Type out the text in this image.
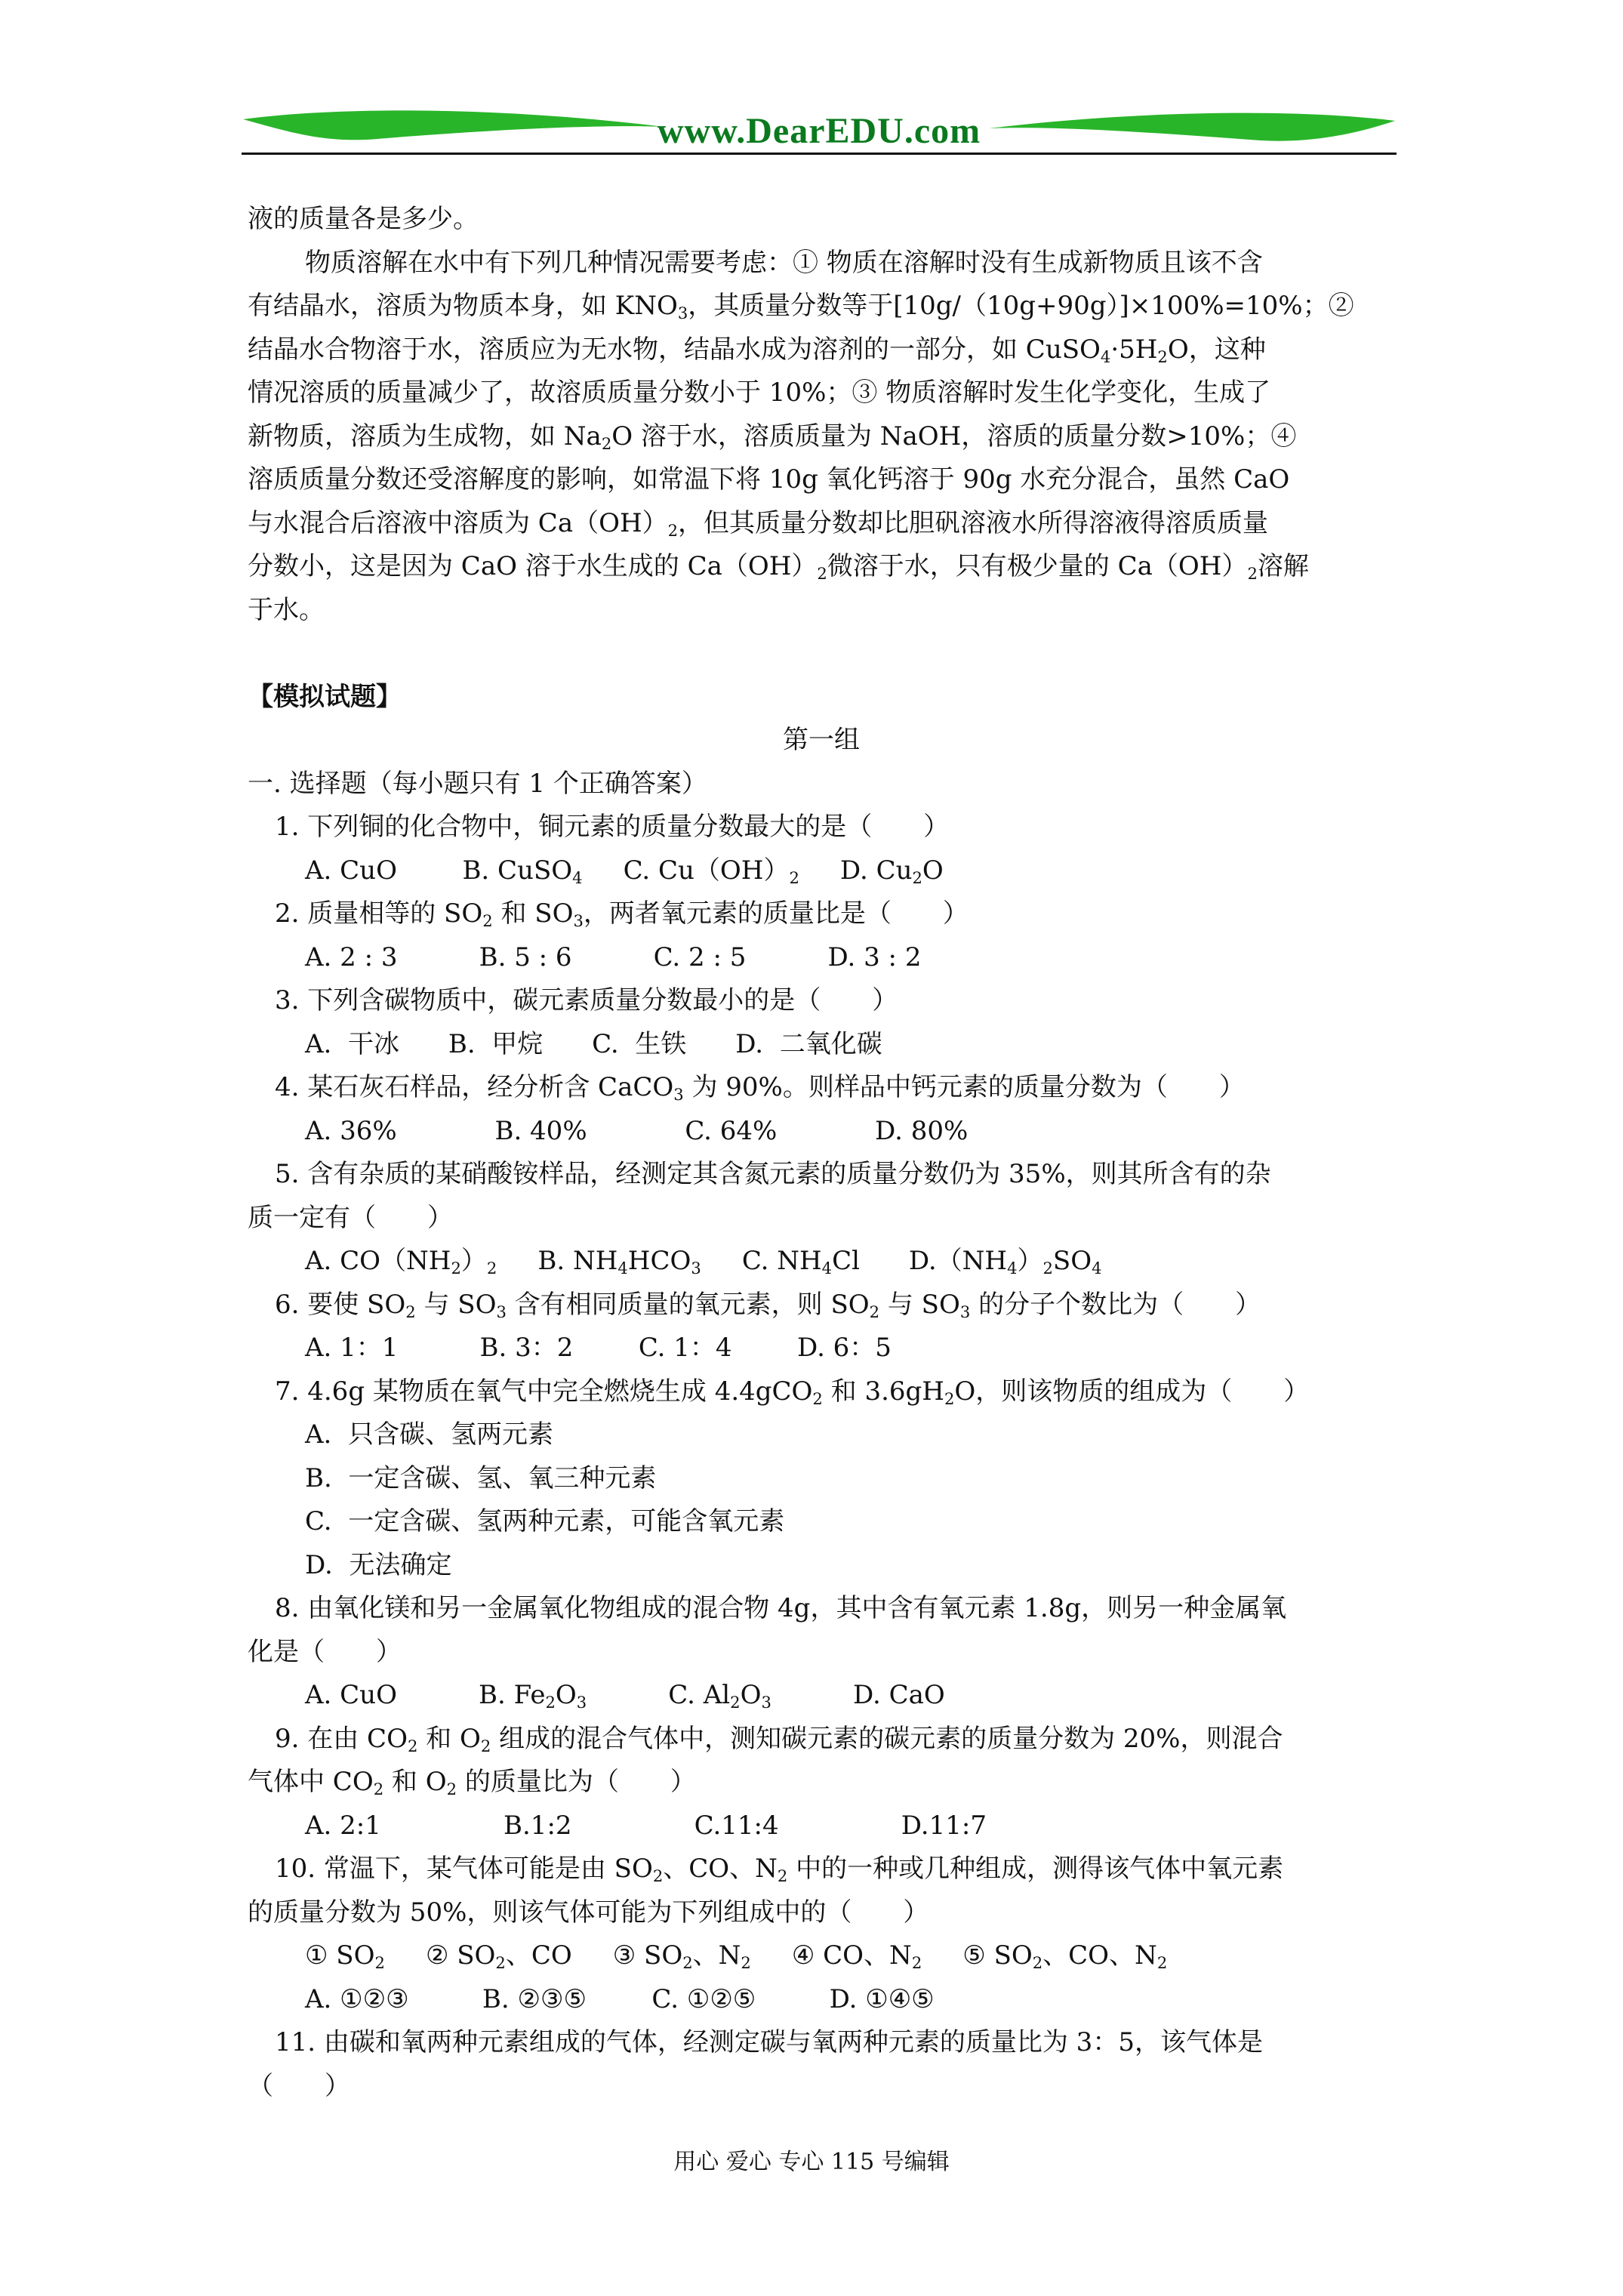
www.DearEDU.com

液的质量各是多少。

物质溶解在水中有下列几种情况需要考虑：① 物质在溶解时没有生成新物质且该不含

有结晶水，溶质为物质本身，如 $KNO_3$，其质量分数等于[10g/（10g+90g）]×100%=10%；②

结晶水合物溶于水，溶质应为无水物，结晶水成为溶剂的一部分，如 $CuSO_4\cdot 5H_2O$，这种

情况溶质的质量减少了，故溶质质量分数小于 10%；③ 物质溶解时发生化学变化，生成了

新物质，溶质为生成物，如 $Na_2O$ 溶于水，溶质质量为 NaOH，溶质的质量分数>10%；④

溶质质量分数还受溶解度的影响，如常温下将 10g 氧化钙溶于 90g 水充分混合，虽然 CaO

与水混合后溶液中溶质为 $Ca(OH)_2$，但其质量分数却比胆矾溶液水所得溶液得溶质质量

分数小，这是因为 CaO 溶于水生成的 $Ca(OH)_2$微溶于水，只有极少量的 $Ca(OH)_2$溶解

于水。

【模拟试题】

第一组

一. 选择题（每小题只有 1 个正确答案）

1. 下列铜的化合物中，铜元素的质量分数最大的是（　　）

A. CuO	B. CuSO$_4$ C. $Cu(OH)_2$ D. $Cu_2O$

2. 质量相等的 $SO_2$ 和 $SO_3$，两者氧元素的质量比是（　　）

A. 2 : 3	B. 5 : 6	C. 2 : 5	D. 3 : 2

3. 下列含碳物质中，碳元素质量分数最小的是（　　）

A.  干冰 B.  甲烷 C.  生铁 D.  二氧化碳

4. 某石灰石样品，经分析含 CaCO$_3$ 为 90%。则样品中钙元素的质量分数为（　　）

A. 36%	B. 40%	C. 64%	D. 80%

5. 含有杂质的某硝酸铵样品，经测定其含氮元素的质量分数仍为 35%，则其所含有的杂

质一定有（　　）

A. $CO(NH_2)_2$ B. $NH_4HCO_3$ C. $NH_4Cl$ $D.(NH_4)_2SO_4$

6. 要使 $SO_2$ 与 $SO_3$ 含有相同质量的氧元素，则 $SO_2$ 与 $SO_3$ 的分子个数比为（　　）

A. 1：1	B. 3：2	C. 1：4	D. 6：5

7. 4.6g 某物质在氧气中完全燃烧生成 4.4gCO$_2$ 和 $3.6gH_2O$，则该物质的组成为（　　）

A.  只含碳、氢两元素

B.  一定含碳、氢、氧三种元素

C.  一定含碳、氢两种元素，可能含氧元素

D.  无法确定

8. 由氧化镁和另一金属氧化物组成的混合物 4g，其中含有氧元素 1.8g，则另一种金属氧

化是（　　）

A. CuO	B. $Fe_2O_3$	C. $Al_2O_3$	D. CaO

9. 在由 $CO_2$ 和 $O_2$ 组成的混合气体中，测知碳元素的碳元素的质量分数为 20%，则混合

气体中 $CO_2$ 和 $O_2$ 的质量比为（　　）

A. 2:1	B.1:2	C.11:4	D.11:7

10. 常温下，某气体可能是由 $SO_2$、CO、$N_2$ 中的一种或几种组成，测得该气体中氧元素

的质量分数为 50%，则该气体可能为下列组成中的（　　）

① $SO_2$ ② $SO_2$、CO ③ $SO_2$、$N_2$ ④ CO、$N_2$ ⑤ $SO_2$、CO、$N_2$

A. ①②③	B. ②③⑤	C. ①②⑤	D. ①④⑤

11. 由碳和氧两种元素组成的气体，经测定碳与氧两种元素的质量比为 3：5，该气体是

（　　）

用心 爱心 专心 115 号编辑
